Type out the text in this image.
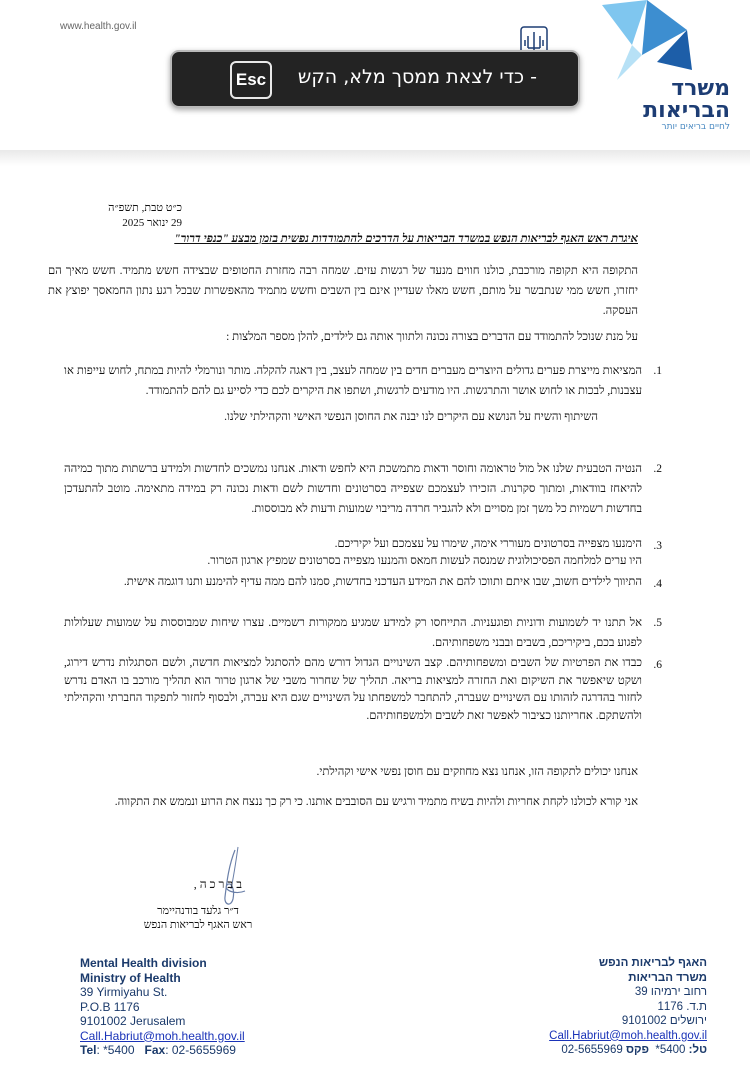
www.health.gov.il
משרד
הבריאות
לחיים בריאים יותר
Esc	- כדי לצאת ממסך מלא, הקש
כ״ט טבת, תשפ״ה
29 ינואר 2025
איגרת ראש האגף לבריאות הנפש במשרד הבריאות על הדרכים להתמודדות נפשית בזמן מבצע "כנפי דרור"
התקופה היא תקופה מורכבת, כולנו חווים מנעד של רגשות עזים. שמחה רבה מחזרת החטופים שבצידה חשש מתמיד. חשש מאיך הם יחזרו, חשש ממי שנתבשר על מותם, חשש מאלו שעדיין אינם בין השבים וחשש מתמיד מהאפשרות שבכל רגע נתון החמאסך יפוצץ את העסקה.
על מנת שנוכל להתמודד עם הדברים בצורה נכונה ולתווך אותה גם לילדים, להלן מספר המלצות :
1.
המציאות מייצרת פערים גדולים היוצרים מעברים חדים בין שמחה לעצב, בין דאגה להקלה. מותר ונורמלי להיות במתח, לחוש עייפות או עצבנות, לבכות או לחוש אושר והתרגשות. היו מודעים לרגשות, ושתפו את היקרים לכם כדי לסייע גם להם להתמודד.
השיתוף והשיח על הנושא עם היקרים לנו יבנה את החוסן הנפשי האישי והקהילתי שלנו.
2.
הנטיה הטבעית שלנו אל מול טראומה וחוסר ודאות מתמשכת היא לחפש ודאות. אנחנו נמשכים לחדשות ולמידע ברשתות מתוך כמיהה להיאחז בוודאות, ומתוך סקרנות. הזכירו לעצמכם שצפייה בסרטונים וחדשות לשם ודאות נכונה רק במידה מתאימה. מוטב להתעדכן בחדשות רשמיות כל משך זמן מסויים ולא להגביר חרדה מריבוי שמועות ודעות לא מבוססות.
3.
הימנעו מצפייה בסרטונים מעוררי אימה, שימרו על עצמכם ועל יקיריכם.
היו ערים למלחמה הפסיכולוגית שמנסה לעשות חמאס והמנעו מצפייה בסרטונים שמפיץ ארגון הטרור.
4.
התיווך לילדים חשוב, שבו איתם ותווכו להם את המידע העדכני בחדשות, סמנו להם ממה עדיף להימנע ותנו דוגמה אישית.
5.
אל תתנו יד לשמועות ודוניות ופוגעניות. התייחסו רק למידע שמגיע ממקורות רשמיים. עצרו שיחות שמבוססות על שמועות שעלולות לפגוע בכם, ביקיריכם, בשבים ובבני משפחותיהם.
6.
כבדו את הפרטיות של השבים ומשפחותיהם. קצב השינויים הגדול דורש מהם להסתגל למציאות חדשה, ולשם הסתגלות נדרש דירוג, ושקט שיאפשר את השיקום ואת החזרה למציאות בריאה. תהליך של שחרור משבי של ארגון טרור הוא תהליך מורכב בו האדם נדרש לחזור בהדרגה לזהותו עם השינויים שעברה, להתחבר למשפחתו על השינויים שגם היא עברה, ולבסוף לחזור לתפקוד החברתי והקהילתי ולהשתקם. אחריותנו כציבור לאפשר זאת לשבים ולמשפחותיהם.
אנחנו יכולים לתקופה הזו, אנחנו נצא מחוזקים עם חוסן נפשי אישי וקהילתי.
אני קורא לכולנו לקחת אחריות ולהיות בשיח מתמיד ורגיש עם הסובבים אותנו. כי רק כך ננצח את הרוע ונממש את התקווה.
בברכה,
ד״ר גלעד בודנהיימר
ראש האגף לבריאות הנפש
Mental Health division
Ministry of Health
39 Yirmiyahu St.
P.O.B 1176
9101002 Jerusalem
Call.Habriut@moh.health.gov.il
Tel: *5400 Fax: 02-5655969
האגף לבריאות הנפש
משרד הבריאות
רחוב ירמיהו 39
ת.ד. 1176
ירושלים 9101002
Call.Habriut@moh.health.gov.il
טל: 5400*  פקס 02-5655969
